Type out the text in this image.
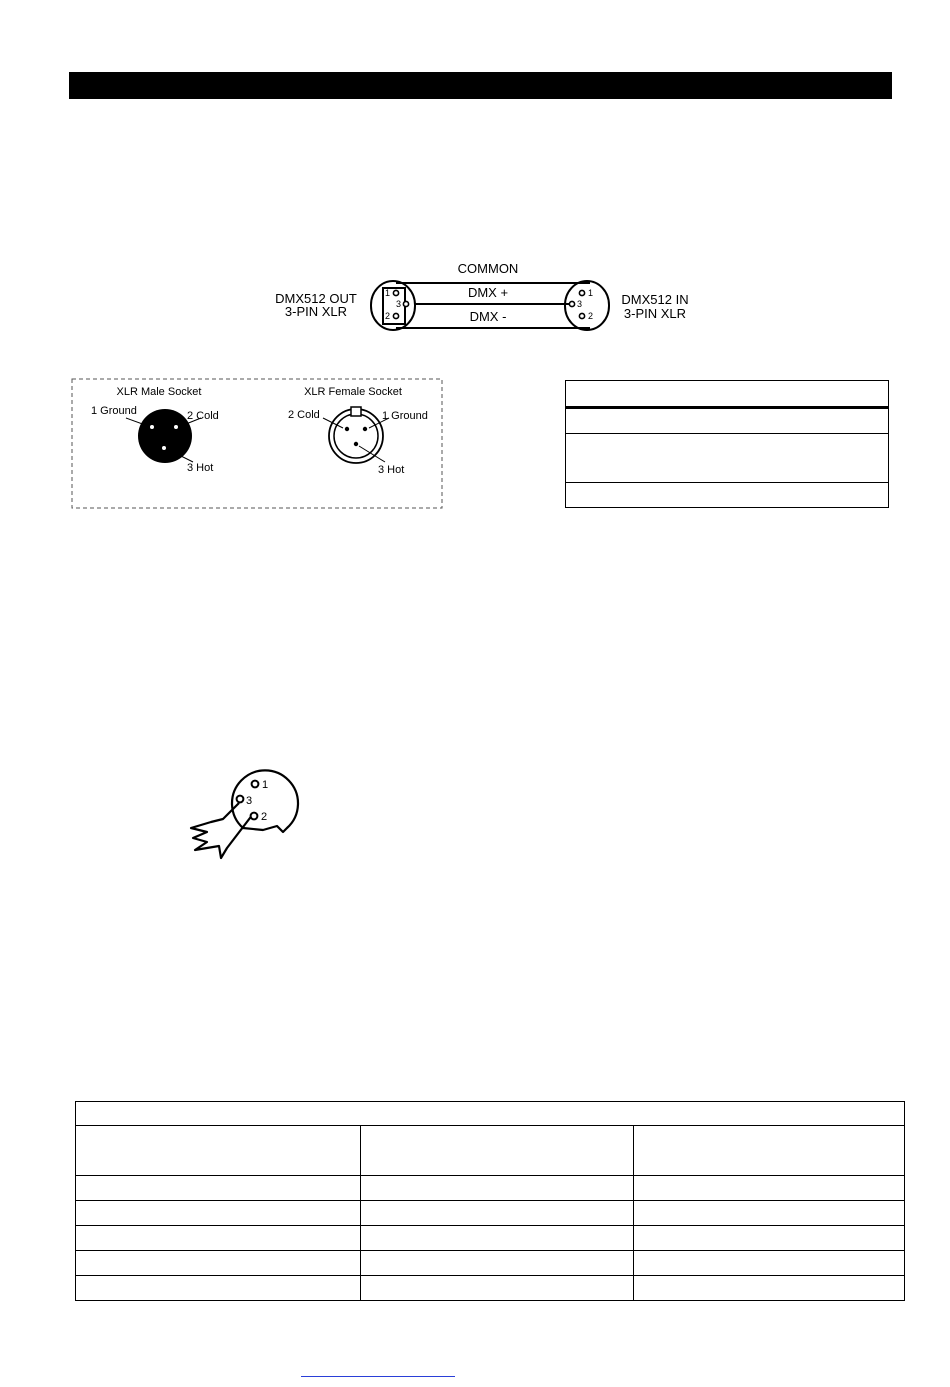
1
3
2
1
3
2
COMMON
DMX +
DMX -
DMX512 OUT
3-PIN XLR
DMX512 IN
3-PIN XLR
XLR Male Socket
1 Ground	2 Cold
3 Hot
XLR Female Socket
2 Cold	1 Ground
3 Hot

1
3
2
